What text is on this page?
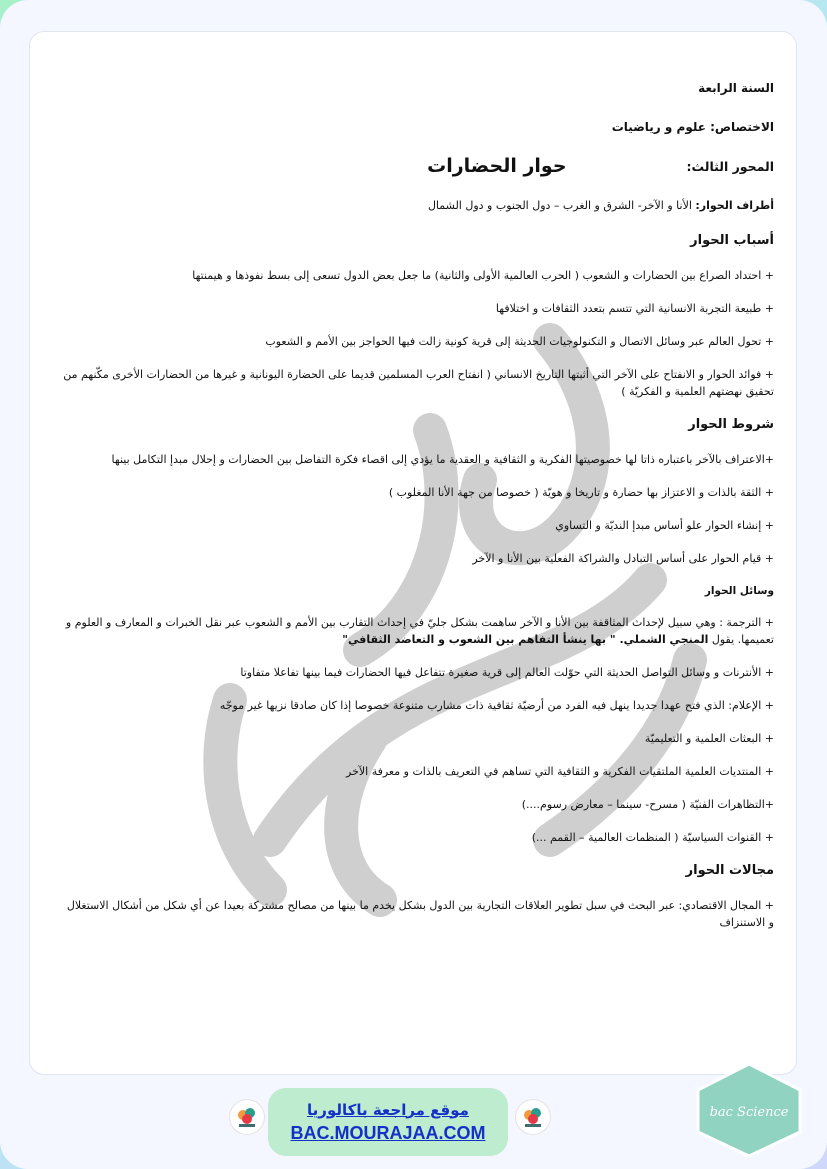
السنة الرابعة
الاختصاص: علوم و رياضيات
المحور الثالث:
حوار الحضارات
أطراف الحوار: الأنا و الآخر- الشرق و الغرب – دول الجنوب و دول الشمال
أسباب الحوار

+ احتداد الصراع بين الحضارات و الشعوب ( الحرب العالمية الأولى والثانية) ما جعل بعض الدول تسعى إلى بسط نفوذها و هيمنتها

+ طبيعة التجربة الانسانية التي تتسم بتعدد الثقافات و اختلافها

+ تحول العالم عبر وسائل الاتصال و التكنولوجيات الحديثة إلى قرية كونية زالت فيها الحواجز بين الأمم و الشعوب

+ فوائد الحوار و الانفتاح على الآخر التي أثبتها التاريخ الانساني ( انفتاح العرب المسلمين قديما على الحضارة اليونانية و غيرها من الحضارات الأخرى مكّنهم من تحقيق نهضتهم العلمية و الفكريّة )

شروط الحوار

+الاعتراف بالآخر باعتباره ذاتا لها خصوصيتها الفكرية و الثقافية و العقدية ما يؤدي إلى اقصاء فكرة التفاضل بين الحضارات و إحلال مبدإ التكامل بينها

+ الثقة بالذات و الاعتزاز بها حضارة و تاريخا و هويّة ( خصوصا من جهة الأنا المغلوب )

+ إنشاء الحوار علو أساس مبدإ النديّة و التساوي

+ قيام الحوار على أساس التبادل والشراكة الفعلية بين الأنا و الآخر

وسائل الحوار

+ الترجمة : وهي سبيل لإحداث المثاقفة بين الأنا و الآخر ساهمت بشكل جليّ في إحداث التقارب بين الأمم و الشعوب عبر نقل الخبرات و المعارف و العلوم و تعميمها. يقول المنجي الشملي. " بها ينشأ التفاهم بين الشعوب و التعاضد الثقافي"

+ الأنترنات و وسائل التواصل الحديثة التي حوّلت العالم إلى قرية صغيرة تتفاعل فيها الحضارات فيما بينها تفاعلا متفاوتا

+ الإعلام: الذي فتح عهدا جديدا ينهل فيه الفرد من أرضيّة ثقافية ذات مشارب متنوعة خصوصا إذا كان صادقا نزيها غير موجّه

+ البعثات العلمية و التعليميّة

+ المنتديات العلمية الملتقيات الفكرية و الثقافية التي تساهم في التعريف بالذات و معرفة الآخر

+التظاهرات الفنيّة ( مسرح- سينما – معارض رسوم....)

+ القنوات السياسيّة ( المنظمات العالمية – القمم ...)

مجالات الحوار

+ المجال الاقتصادي: عبر البحث في سبل تطوير العلاقات التجارية بين الدول بشكل يخدم ما بينها من مصالح مشتركة بعيدا عن أي شكل من أشكال الاستغلال و الاستنزاف

موقع مراجعة باكالوريا
BAC.MOURAJAA.COM
bac Science
